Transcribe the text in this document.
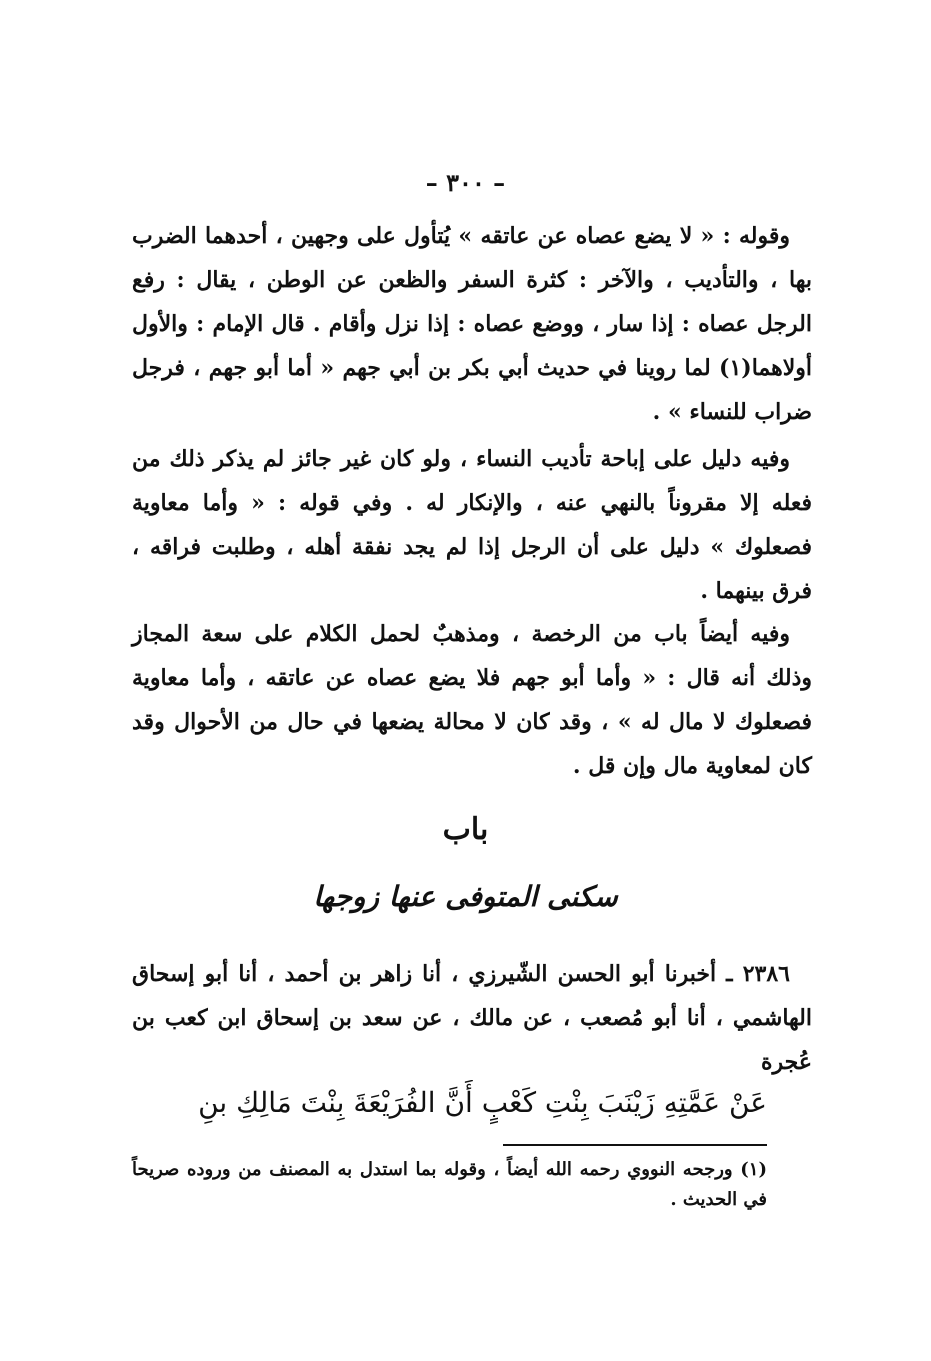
– ٣٠٠ –

وقوله : « لا يضع عصاه عن عاتقه » يُتأول على وجهين ، أحدهما الضرب بها ، والتأديب ، والآخر : كثرة السفر والظعن عن الوطن ، يقال : رفع الرجل عصاه : إذا سار ، ووضع عصاه : إذا نزل وأقام . قال الإمام : والأول أولاهما(١) لما روينا في حديث أبي بكر بن أبي جهم « أما أبو جهم ، فرجل ضراب للنساء » .

وفيه دليل على إباحة تأديب النساء ، ولو كان غير جائز لم يذكر ذلك من فعله إلا مقروناً بالنهي عنه ، والإنكار له . وفي قوله : « وأما معاوية فصعلوك » دليل على أن الرجل إذا لم يجد نفقة أهله ، وطلبت فراقه ، فرق بينهما .

وفيه أيضاً باب من الرخصة ، ومذهبٌ لحمل الكلام على سعة المجاز وذلك أنه قال : « وأما أبو جهم فلا يضع عصاه عن عاتقه ، وأما معاوية فصعلوك لا مال له » ، وقد كان لا محالة يضعها في حال من الأحوال وقد كان لمعاوية مال وإن قل .

باب
سكنى المتوفى عنها زوجها

٢٣٨٦ ـ أخبرنا أبو الحسن الشّيرزي ، أنا زاهر بن أحمد ، أنا أبو إسحاق الهاشمي ، أنا أبو مُصعب ، عن مالك ، عن سعد بن إسحاق ابن كعب بن عُجرة

عَنْ عَمَّتِهِ زَيْنَبَ بِنْتِ كَعْبٍ أَنَّ الفُرَيْعَةَ بِنْتَ مَالِكِ بنِ

(١) ورجحه النووي رحمه الله أيضاً ، وقوله بما استدل به المصنف من وروده صريحاً في الحديث .
